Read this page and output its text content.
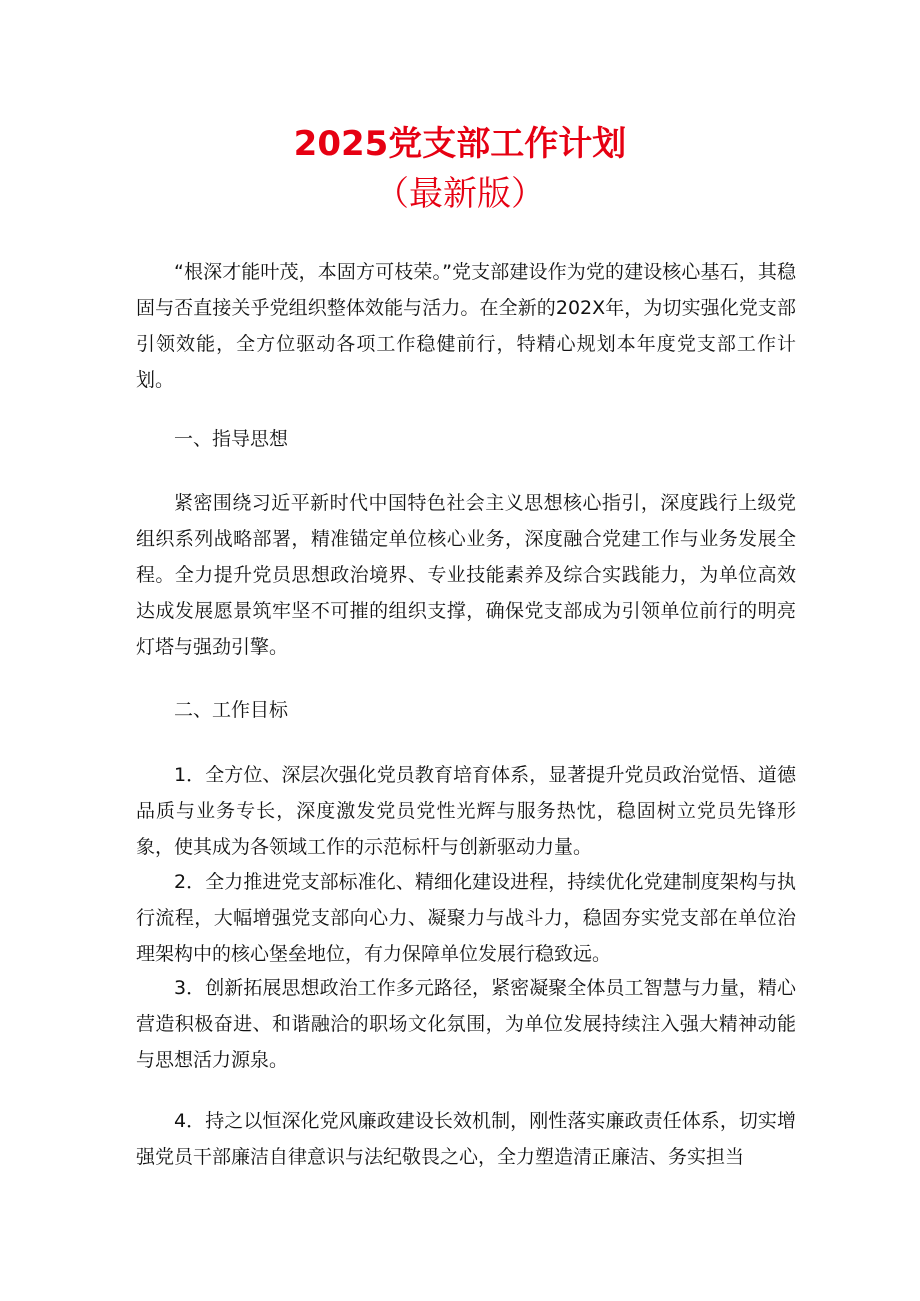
2025党支部工作计划
（最新版）

“根深才能叶茂，本固方可枝荣。”党支部建设作为党的建设核心基石，其稳固与否直接关乎党组织整体效能与活力。在全新的202X年，为切实强化党支部引领效能，全方位驱动各项工作稳健前行，特精心规划本年度党支部工作计划。

一、指导思想

紧密围绕习近平新时代中国特色社会主义思想核心指引，深度践行上级党组织系列战略部署，精准锚定单位核心业务，深度融合党建工作与业务发展全程。全力提升党员思想政治境界、专业技能素养及综合实践能力，为单位高效达成发展愿景筑牢坚不可摧的组织支撑，确保党支部成为引领单位前行的明亮灯塔与强劲引擎。

二、工作目标

1．全方位、深层次强化党员教育培育体系，显著提升党员政治觉悟、道德品质与业务专长，深度激发党员党性光辉与服务热忱，稳固树立党员先锋形象，使其成为各领域工作的示范标杆与创新驱动力量。

2．全力推进党支部标准化、精细化建设进程，持续优化党建制度架构与执行流程，大幅增强党支部向心力、凝聚力与战斗力，稳固夯实党支部在单位治理架构中的核心堡垒地位，有力保障单位发展行稳致远。

3．创新拓展思想政治工作多元路径，紧密凝聚全体员工智慧与力量，精心营造积极奋进、和谐融洽的职场文化氛围，为单位发展持续注入强大精神动能与思想活力源泉。

4．持之以恒深化党风廉政建设长效机制，刚性落实廉政责任体系，切实增强党员干部廉洁自律意识与法纪敬畏之心，全力塑造清正廉洁、务实担当
